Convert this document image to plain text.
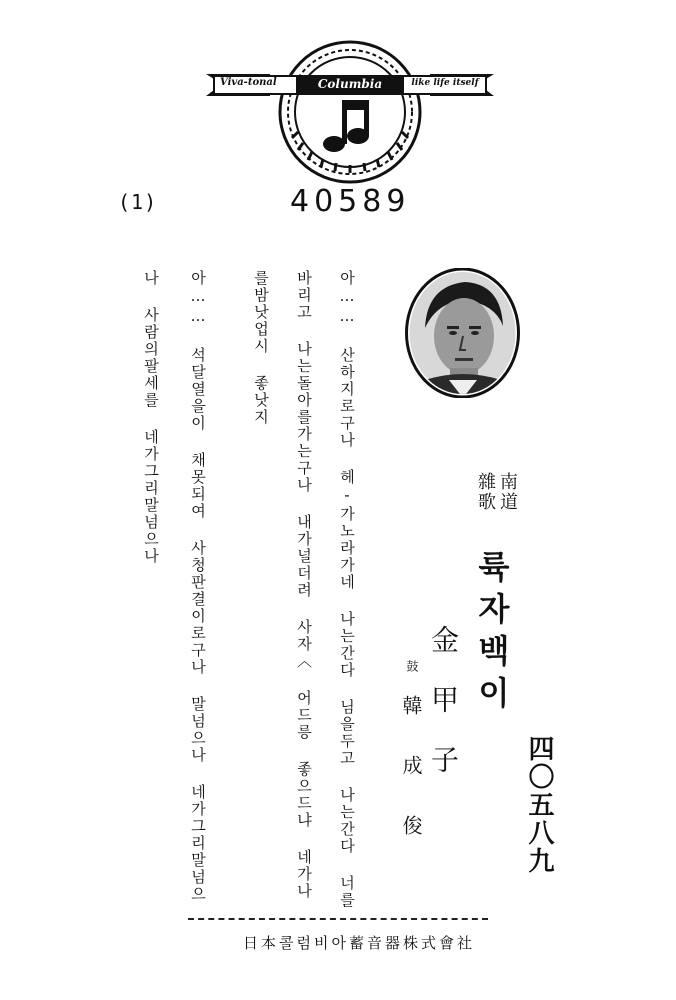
Viva-tonal	Columbia	like life itself
(1)	40589
아…… 산하지로구나 헤-가노라가네 나는간다 님을두고 나는간다 너를
바리고 나는돌아를가는구나 내가널더려 사자〈 어드릉 좋으드냐 네가나
를밤낫업시 좋낫지
아…… 석달열을이 채못되여 사청판결이로구나 말넘으나 네가그리말넘으
나 사람의팔세를 네가그리말넘으나	南道
雜歌
륙자백이
金甲子
鼓
韓成俊	四〇五八九
社會式株器音蓄아비럼콜本日
